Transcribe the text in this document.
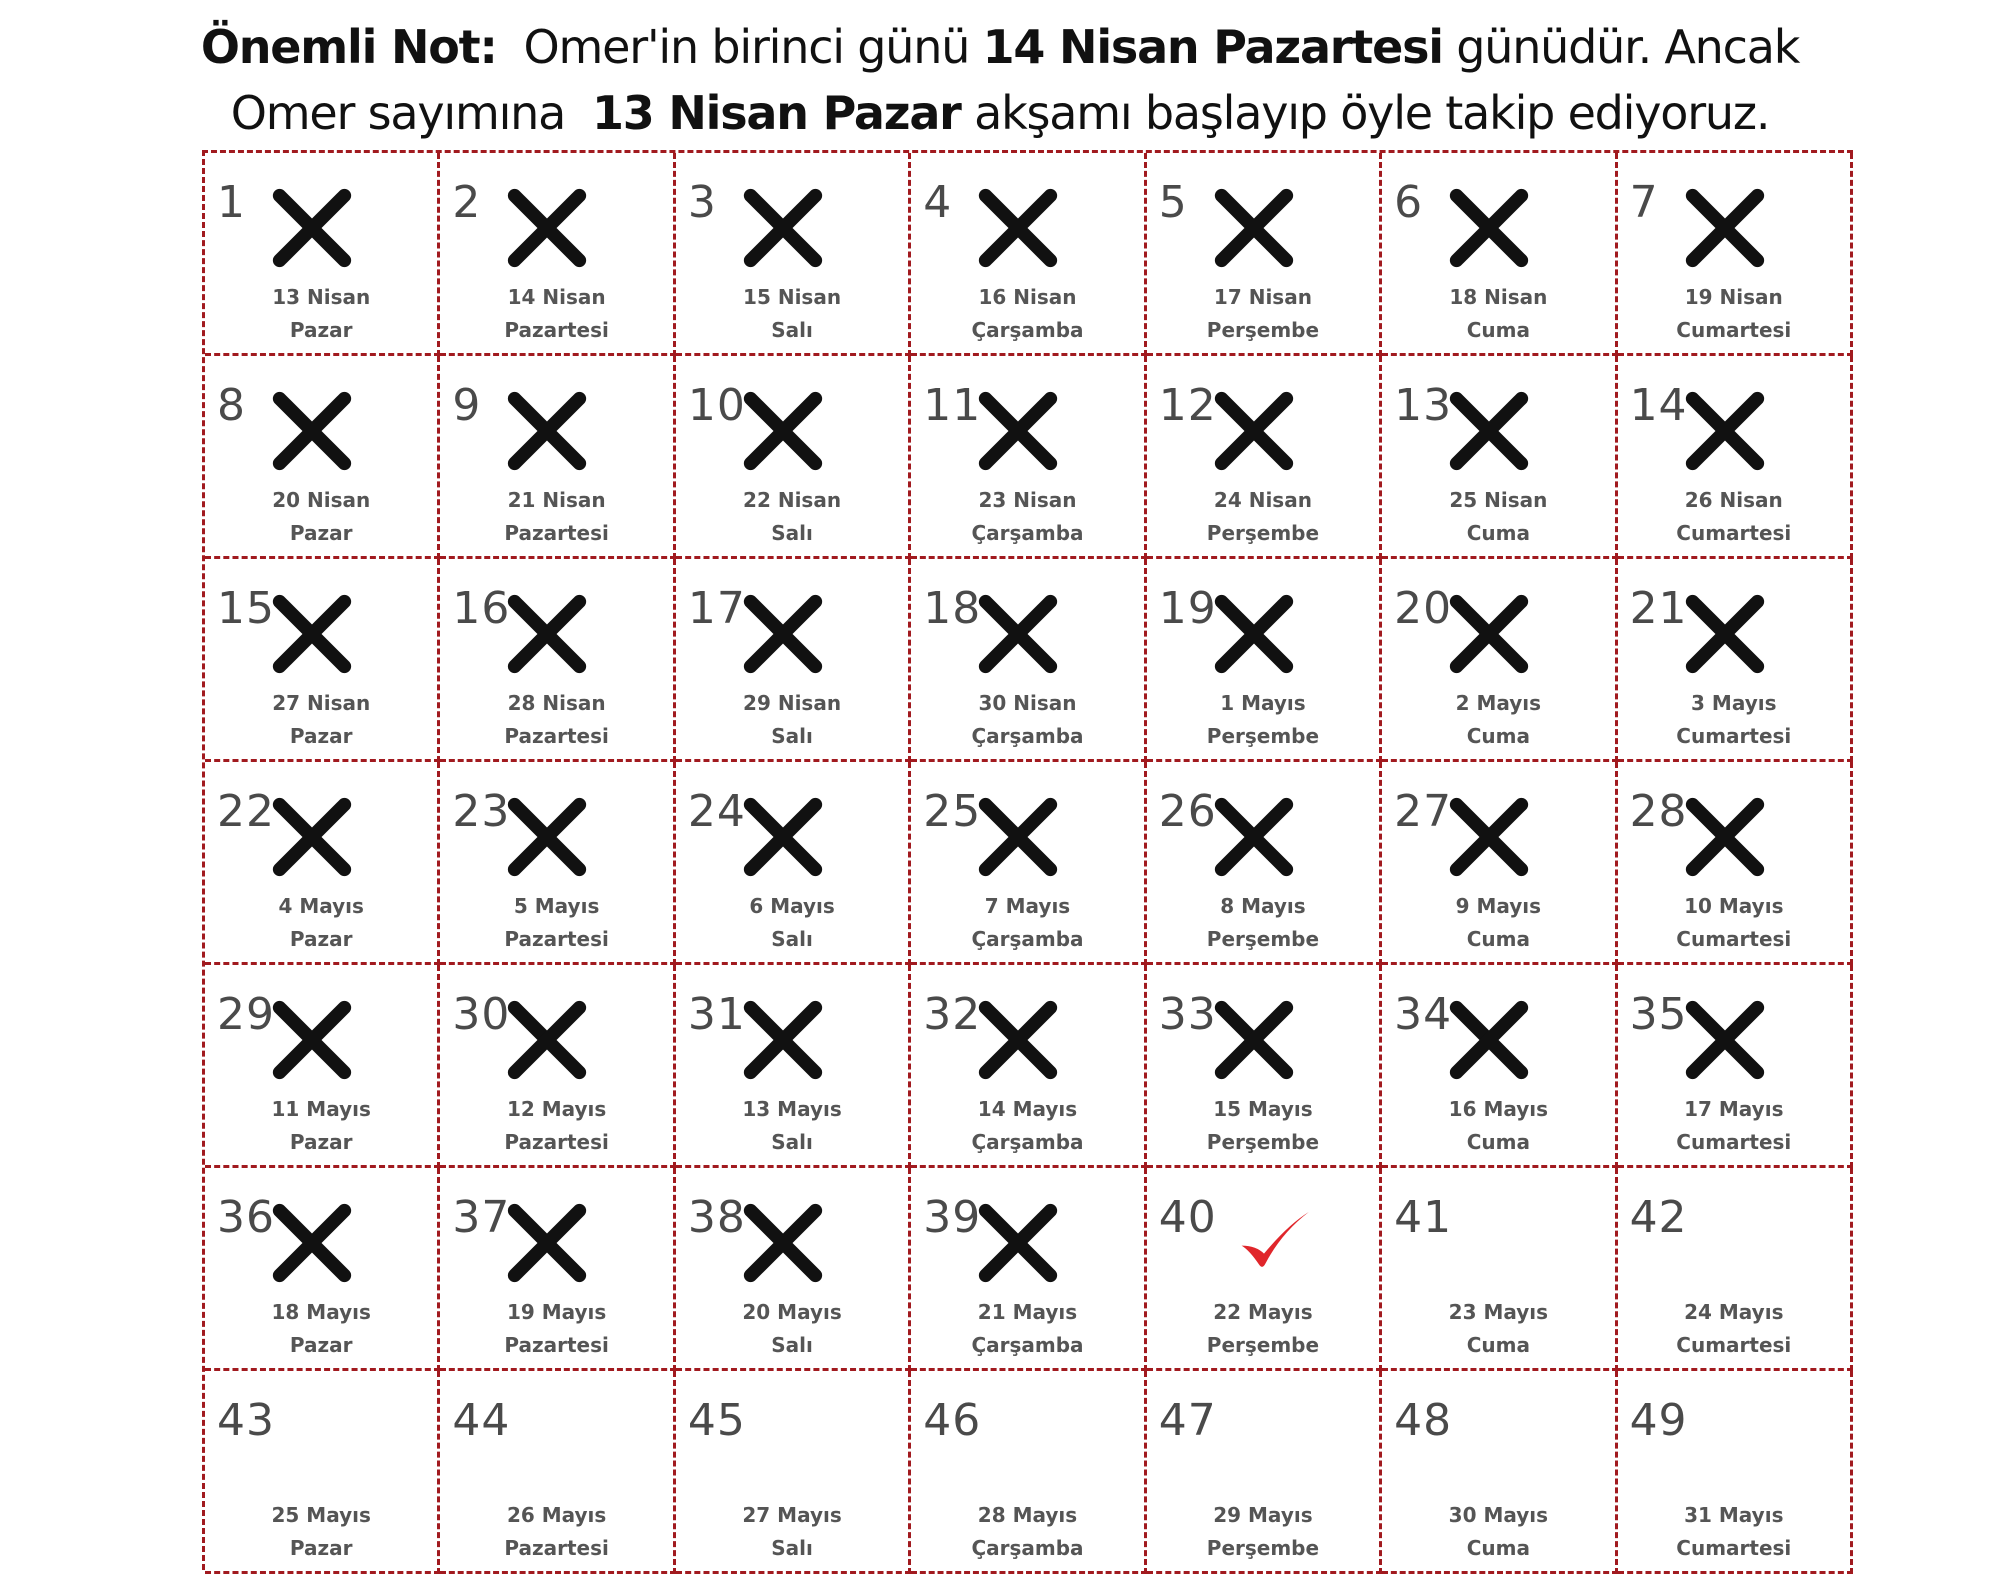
Önemli Not: Omer'in birinci günü 14 Nisan Pazartesi günüdür. Ancak
Omer sayımına 13 Nisan Pazar akşamı başlayıp öyle takip ediyoruz.
1
13 Nisan
Pazar
2
14 Nisan
Pazartesi
3
15 Nisan
Salı
4
16 Nisan
Çarşamba
5
17 Nisan
Perşembe
6
18 Nisan
Cuma
7
19 Nisan
Cumartesi
8
20 Nisan
Pazar
9
21 Nisan
Pazartesi
10
22 Nisan
Salı
11
23 Nisan
Çarşamba
12
24 Nisan
Perşembe
13
25 Nisan
Cuma
14
26 Nisan
Cumartesi
15
27 Nisan
Pazar
16
28 Nisan
Pazartesi
17
29 Nisan
Salı
18
30 Nisan
Çarşamba
19
1 Mayıs
Perşembe
20
2 Mayıs
Cuma
21
3 Mayıs
Cumartesi
22
4 Mayıs
Pazar
23
5 Mayıs
Pazartesi
24
6 Mayıs
Salı
25
7 Mayıs
Çarşamba
26
8 Mayıs
Perşembe
27
9 Mayıs
Cuma
28
10 Mayıs
Cumartesi
29
11 Mayıs
Pazar
30
12 Mayıs
Pazartesi
31
13 Mayıs
Salı
32
14 Mayıs
Çarşamba
33
15 Mayıs
Perşembe
34
16 Mayıs
Cuma
35
17 Mayıs
Cumartesi
36
18 Mayıs
Pazar
37
19 Mayıs
Pazartesi
38
20 Mayıs
Salı
39
21 Mayıs
Çarşamba
40
22 Mayıs
Perşembe
41
23 Mayıs
Cuma
42
24 Mayıs
Cumartesi
43
25 Mayıs
Pazar
44
26 Mayıs
Pazartesi
45
27 Mayıs
Salı
46
28 Mayıs
Çarşamba
47
29 Mayıs
Perşembe
48
30 Mayıs
Cuma
49
31 Mayıs
Cumartesi
